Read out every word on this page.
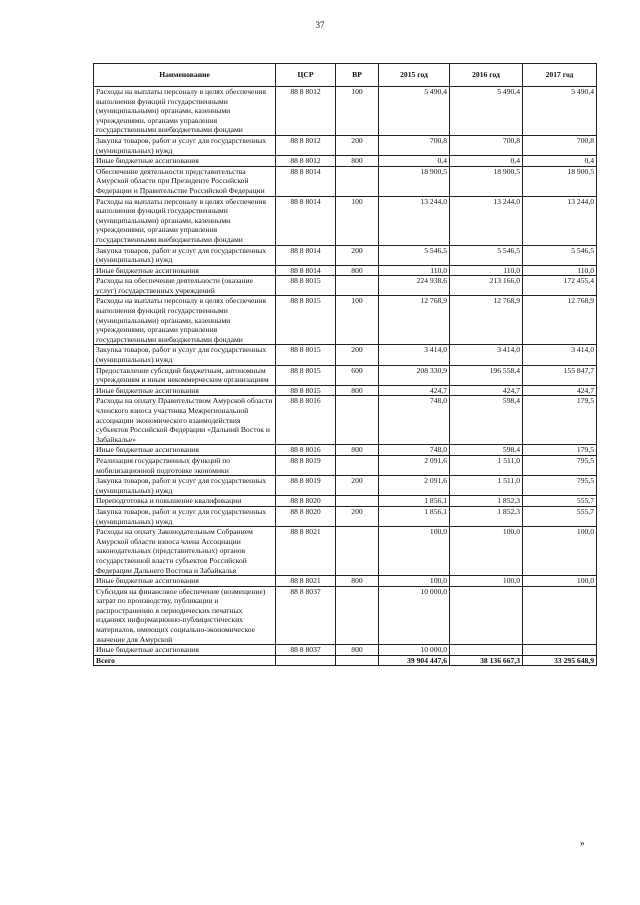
37
Наименование	ЦСР	ВР	2015 год	2016 год	2017 год
Расходы на выплаты персоналу в целях обеспечения выполнения функций государственными (муниципальными) органами, казенными учреждениями, органами управления государственными внебюджетными фондами	88 8 8012	100	5 490,4	5 490,4	5 490,4
Закупка товаров, работ и услуг для государственных (муниципальных) нужд	88 8 8012	200	700,8	700,8	700,8
Иные бюджетные ассигнования	88 8 8012	800	0,4	0,4	0,4
Обеспечение деятельности представительства Амурской области при Президенте Российской Федерации и Правительстве Российской Федерации	88 8 8014		18 900,5	18 900,5	18 900,5
Расходы на выплаты персоналу в целях обеспечения выполнения функций государственными (муниципальными) органами, казенными учреждениями, органами управления государственными внебюджетными фондами	88 8 8014	100	13 244,0	13 244,0	13 244,0
Закупка товаров, работ и услуг для государственных (муниципальных) нужд	88 8 8014	200	5 546,5	5 546,5	5 546,5
Иные бюджетные ассигнования	88 8 8014	800	110,0	110,0	110,0
Расходы на обеспечение деятельности (оказание услуг) государственных учреждений	88 8 8015		224 938,6	213 166,0	172 455,4
Расходы на выплаты персоналу в целях обеспечения выполнения функций государственными (муниципальными) органами, казенными учреждениями, органами управления государственными внебюджетными фондами	88 8 8015	100	12 768,9	12 768,9	12 768,9
Закупка товаров, работ и услуг для государственных (муниципальных) нужд	88 8 8015	200	3 414,0	3 414,0	3 414,0
Предоставление субсидий бюджетным, автономным учреждениям и иным некоммерческим организациям	88 8 8015	600	208 330,9	196 558,4	155 847,7
Иные бюджетные ассигнования	88 8 8015	800	424,7	424,7	424,7
Расходы на оплату Правительством Амурской области членского взноса участника Межрегиональной ассоциации экономического взаимодействия субъектов Российской Федерации «Дальний Восток и Забайкалье»	88 8 8016		748,0	598,4	179,5
Иные бюджетные ассигнования	88 8 8016	800	748,0	598,4	179,5
Реализация государственных функций по мобилизационной подготовке экономики	88 8 8019		2 091,6	1 511,0	795,5
Закупка товаров, работ и услуг для государственных (муниципальных) нужд	88 8 8019	200	2 091,6	1 511,0	795,5
Переподготовка и повышение квалификации	88 8 8020		1 856,1	1 852,3	555,7
Закупка товаров, работ и услуг для государственных (муниципальных) нужд	88 8 8020	200	1 856,1	1 852,3	555,7
Расходы на оплату Законодательным Собранием Амурской области взноса члена Ассоциации законодательных (представительных) органов государственной власти субъектов Российской Федерации Дальнего Востока и Забайкалья	88 8 8021		100,0	100,0	100,0
Иные бюджетные ассигнования	88 8 8021	800	100,0	100,0	100,0
Субсидия на финансовое обеспечение (возмещение) затрат по производству, публикации и распространению в периодических печатных изданиях информационно-публицистических материалов, имеющих социально-экономическое значение для Амурской	88 8 8037		10 000,0		
Иные бюджетные ассигнования	88 8 8037	800	10 000,0		
Всего			39 904 447,6	38 136 667,3	33 295 648,9
»
